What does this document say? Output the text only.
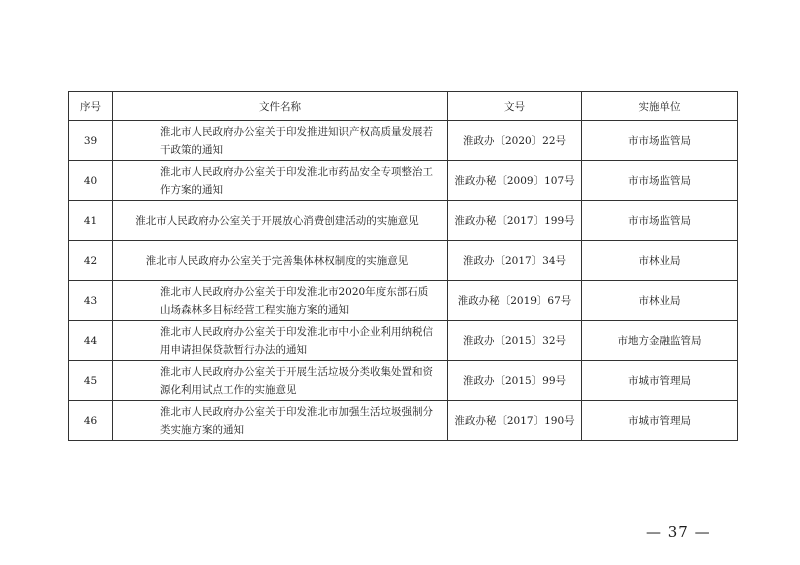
序号	文件名称	文号	实施单位
39	淮北市人民政府办公室关于印发推进知识产权高质量发展若干政策的通知	淮政办〔2020〕22号	市市场监管局
40	淮北市人民政府办公室关于印发淮北市药品安全专项整治工作方案的通知	淮政办秘〔2009〕107号	市市场监管局
41	淮北市人民政府办公室关于开展放心消费创建活动的实施意见	淮政办秘〔2017〕199号	市市场监管局
42	淮北市人民政府办公室关于完善集体林权制度的实施意见	淮政办〔2017〕34号	市林业局
43	淮北市人民政府办公室关于印发淮北市2020年度东部石质山场森林多目标经营工程实施方案的通知	淮政办秘〔2019〕67号	市林业局
44	淮北市人民政府办公室关于印发淮北市中小企业利用纳税信用申请担保贷款暂行办法的通知	淮政办〔2015〕32号	市地方金融监管局
45	淮北市人民政府办公室关于开展生活垃圾分类收集处置和资源化利用试点工作的实施意见	淮政办〔2015〕99号	市城市管理局
46	淮北市人民政府办公室关于印发淮北市加强生活垃圾强制分类实施方案的通知	淮政办秘〔2017〕190号	市城市管理局
— 37 —
